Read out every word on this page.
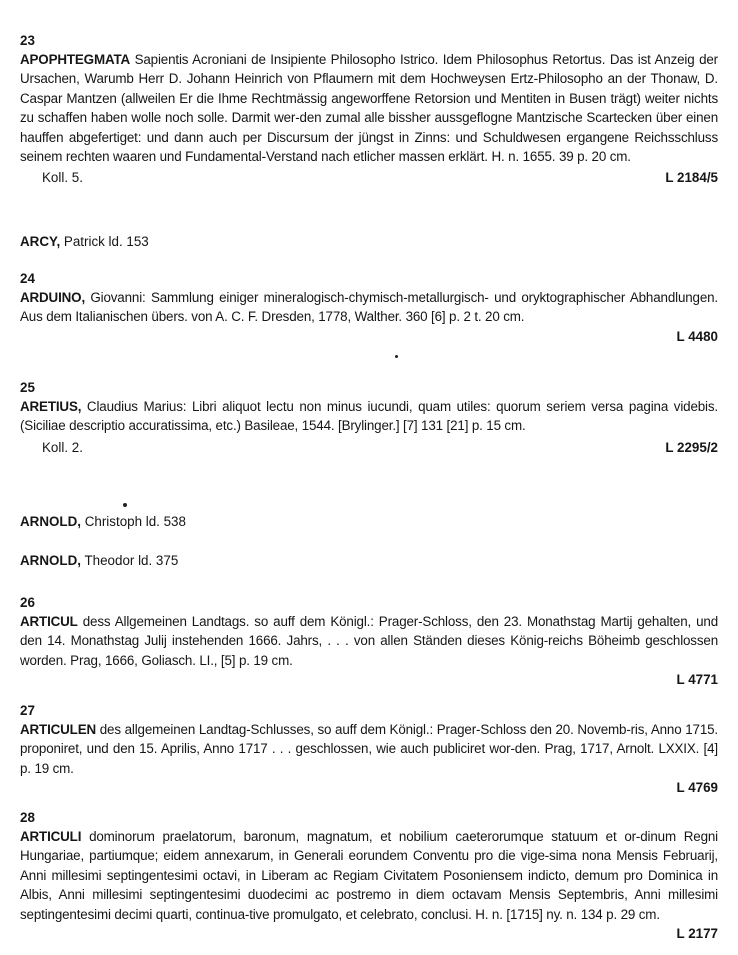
23
APOPHTEGMATA Sapientis Acroniani de Insipiente Philosopho Istrico. Idem Philosophus Retortus. Das ist Anzeig der Ursachen, Warumb Herr D. Johann Heinrich von Pflaumern mit dem Hochweysen Ertz-Philosopho an der Thonaw, D. Caspar Mantzen (allweilen Er die Ihme Rechtmässig angeworffene Retorsion und Mentiten in Busen trägt) weiter nichts zu schaffen haben wolle noch solle. Darmit wer-den zumal alle bissher aussgeflogne Mantzische Scartecken über einen hauffen abgefertiget: und dann auch per Discursum der jüngst in Zinns: und Schuldwesen ergangene Reichsschluss seinem rechten waaren und Fundamental-Verstand nach etlicher massen erklärt. H. n. 1655. 39 p. 20 cm.
Koll. 5.	L 2184/5
ARCY, Patrick ld. 153
24
ARDUINO, Giovanni: Sammlung einiger mineralogisch-chymisch-metallurgisch- und oryktographischer Abhandlungen. Aus dem Italianischen übers. von A. C. F. Dresden, 1778, Walther. 360 [6] p. 2 t. 20 cm.
L 4480
25
ARETIUS, Claudius Marius: Libri aliquot lectu non minus iucundi, quam utiles: quorum seriem versa pagina videbis. (Siciliae descriptio accuratissima, etc.) Basileae, 1544. [Brylinger.] [7] 131 [21] p. 15 cm.
Koll. 2.	L 2295/2
ARNOLD, Christoph ld. 538
ARNOLD, Theodor ld. 375
26
ARTICUL dess Allgemeinen Landtags. so auff dem Königl.: Prager-Schloss, den 23. Monathstag Martij gehalten, und den 14. Monathstag Julij instehenden 1666. Jahrs, . . . von allen Ständen dieses König-reichs Böheimb geschlossen worden. Prag, 1666, Goliasch. LI., [5] p. 19 cm.
L 4771
27
ARTICULEN des allgemeinen Landtag-Schlusses, so auff dem Königl.: Prager-Schloss den 20. Novemb-ris, Anno 1715. proponiret, und den 15. Aprilis, Anno 1717 . . . geschlossen, wie auch publiciret wor-den. Prag, 1717, Arnolt. LXXIX. [4] p. 19 cm.
L 4769
28
ARTICULI dominorum praelatorum, baronum, magnatum, et nobilium caeterorumque statuum et or-dinum Regni Hungariae, partiumque; eidem annexarum, in Generali eorundem Conventu pro die vige-sima nona Mensis Februarij, Anni millesimi septingentesimi octavi, in Liberam ac Regiam Civitatem Posoniensem indicto, demum pro Dominica in Albis, Anni millesimi septingentesimi duodecimi ac postremo in diem octavam Mensis Septembris, Anni millesimi septingentesimi decimi quarti, continua-tive promulgato, et celebrato, conclusi. H. n. [1715] ny. n. 134 p. 29 cm.
L 2177
